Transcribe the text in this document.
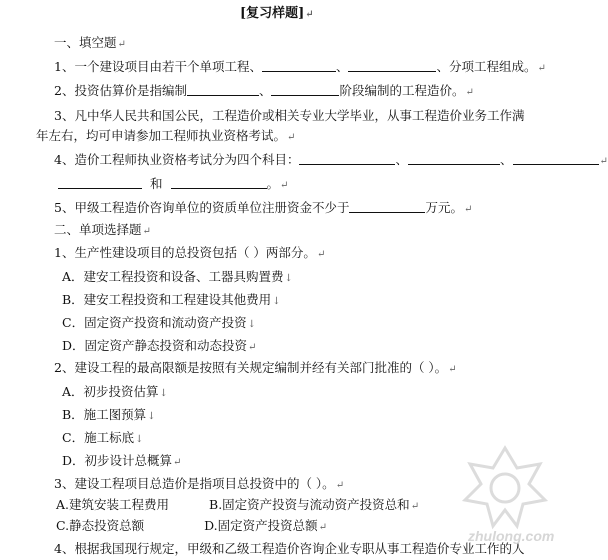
[复习样题]↵
一、填空题↵
1、一个建设项目由若干个单项工程、	、	、分项工程组成。↵
2、投资估算价是指编制	、	阶段编制的工程造价。↵
3、凡中华人民共和国公民，工程造价或相关专业大学毕业，从事工程造价业务工作满
年左右，均可申请参加工程师执业资格考试。↵
4、造价工程师执业资格考试分为四个科目：	、	、	↵
和	。↵
5、甲级工程造价咨询单位的资质单位注册资金不少于	万元。↵
二、单项选择题↵
1、生产性建设项目的总投资包括（ ）两部分。↵
A．建安工程投资和设备、工器具购置费↓
B．建安工程投资和工程建设其他费用↓
C．固定资产投资和流动资产投资↓
D．固定资产静态投资和动态投资↵
2、建设工程的最高限额是按照有关规定编制并经有关部门批准的（ ）。↵
A．初步投资估算↓
B．施工图预算↓
C．施工标底↓
D．初步设计总概算↵
3、建设工程项目总造价是指项目总投资中的（ ）。↵
A.建筑安装工程费用	B.固定资产投资与流动资产投资总和↵
C.静态投资总额	D.固定资产投资总额↵
4、根据我国现行规定，甲级和乙级工程造价咨询企业专职从事工程造价专业工作的人
zhulong.com
